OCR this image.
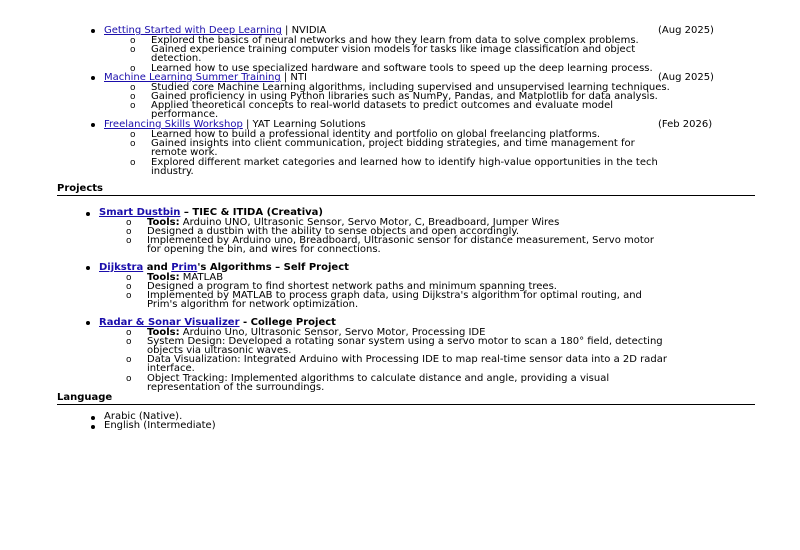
Getting Started with Deep Learning | NVIDIA	(Aug 2025)
o Explored the basics of neural networks and how they learn from data to solve complex problems.
o Gained experience training computer vision models for tasks like image classification and object
detection.
o Learned how to use specialized hardware and software tools to speed up the deep learning process.
Machine Learning Summer Training | NTI	(Aug 2025)
o Studied core Machine Learning algorithms, including supervised and unsupervised learning techniques.
o Gained proficiency in using Python libraries such as NumPy, Pandas, and Matplotlib for data analysis.
o Applied theoretical concepts to real-world datasets to predict outcomes and evaluate model
performance.
Freelancing Skills Workshop | YAT Learning Solutions	(Feb 2026)
o Learned how to build a professional identity and portfolio on global freelancing platforms.
o Gained insights into client communication, project bidding strategies, and time management for
remote work.
o Explored different market categories and learned how to identify high-value opportunities in the tech
industry.
Projects
Smart Dustbin – TIEC & ITIDA (Creativa)
o Tools: Arduino UNO, Ultrasonic Sensor, Servo Motor, C, Breadboard, Jumper Wires
o Designed a dustbin with the ability to sense objects and open accordingly.
o Implemented by Arduino uno, Breadboard, Ultrasonic sensor for distance measurement, Servo motor
for opening the bin, and wires for connections.
Dijkstra and Prim's Algorithms – Self Project
o Tools: MATLAB
o Designed a program to find shortest network paths and minimum spanning trees.
o Implemented by MATLAB to process graph data, using Dijkstra's algorithm for optimal routing, and
Prim's algorithm for network optimization.
Radar & Sonar Visualizer - College Project
o Tools: Arduino Uno, Ultrasonic Sensor, Servo Motor, Processing IDE
o System Design: Developed a rotating sonar system using a servo motor to scan a 180° field, detecting
objects via ultrasonic waves.
o Data Visualization: Integrated Arduino with Processing IDE to map real-time sensor data into a 2D radar
interface.
o Object Tracking: Implemented algorithms to calculate distance and angle, providing a visual
representation of the surroundings.
Language
Arabic (Native).
English (Intermediate)
